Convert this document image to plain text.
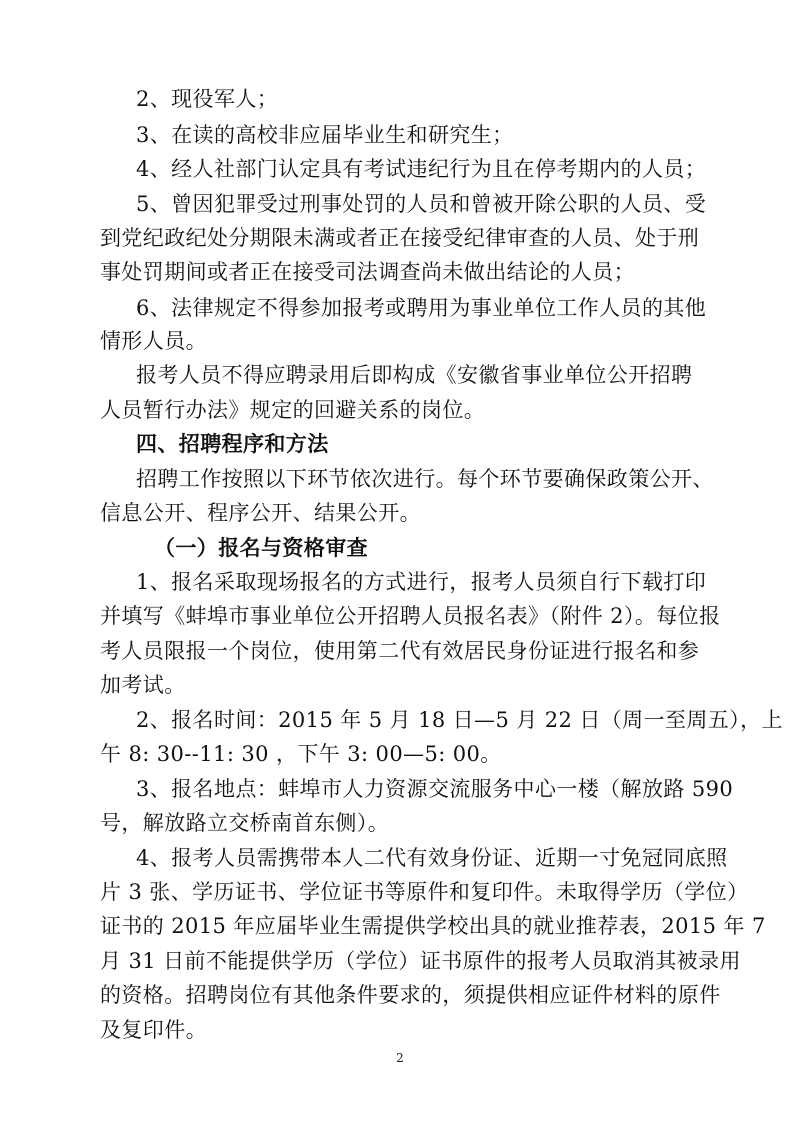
2、现役军人；
3、在读的高校非应届毕业生和研究生；
4、经人社部门认定具有考试违纪行为且在停考期内的人员；
5、曾因犯罪受过刑事处罚的人员和曾被开除公职的人员、受
到党纪政纪处分期限未满或者正在接受纪律审查的人员、处于刑
事处罚期间或者正在接受司法调查尚未做出结论的人员；
6、法律规定不得参加报考或聘用为事业单位工作人员的其他
情形人员。
报考人员不得应聘录用后即构成《安徽省事业单位公开招聘
人员暂行办法》规定的回避关系的岗位。
四、招聘程序和方法
招聘工作按照以下环节依次进行。每个环节要确保政策公开、
信息公开、程序公开、结果公开。
（一）报名与资格审查
1、报名采取现场报名的方式进行，报考人员须自行下载打印
并填写《蚌埠市事业单位公开招聘人员报名表》（附件 2）。每位报
考人员限报一个岗位，使用第二代有效居民身份证进行报名和参
加考试。
2、报名时间：2015 年 5 月 18 日—5 月 22 日（周一至周五），上
午 8: 30--11: 30 ，下午 3: 00—5: 00。
3、报名地点：蚌埠市人力资源交流服务中心一楼（解放路 590
号，解放路立交桥南首东侧）。
4、报考人员需携带本人二代有效身份证、近期一寸免冠同底照
片 3 张、学历证书、学位证书等原件和复印件。未取得学历（学位）
证书的 2015 年应届毕业生需提供学校出具的就业推荐表，2015 年 7
月 31 日前不能提供学历（学位）证书原件的报考人员取消其被录用
的资格。招聘岗位有其他条件要求的，须提供相应证件材料的原件
及复印件。
2
